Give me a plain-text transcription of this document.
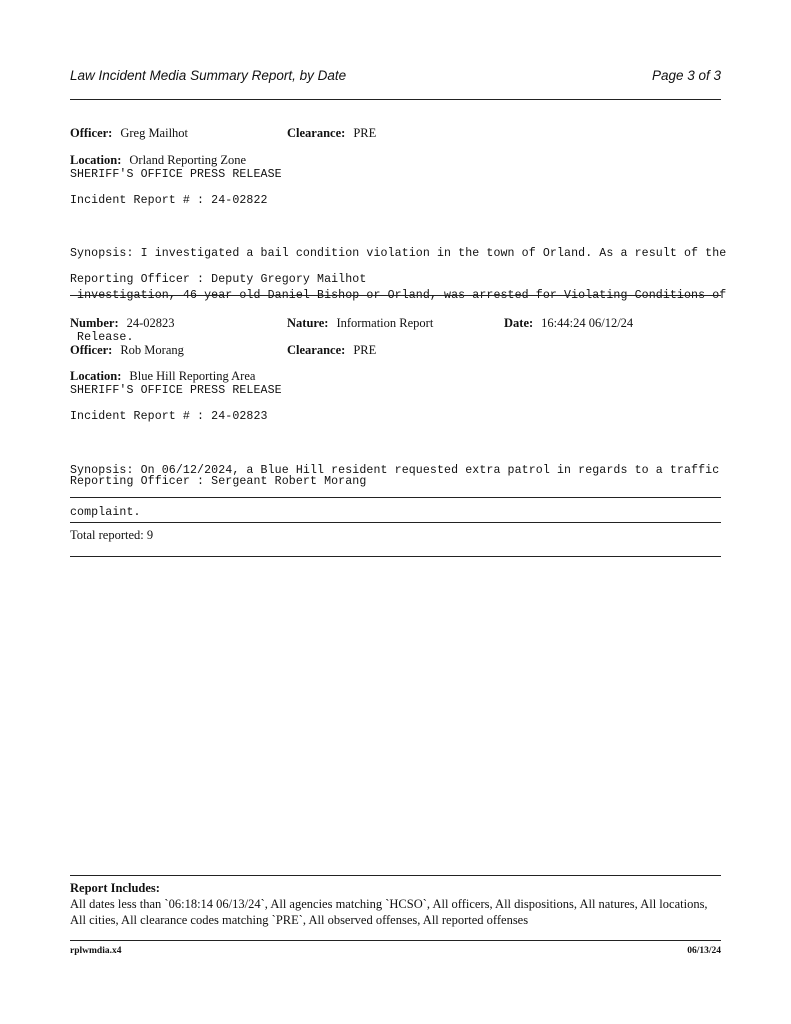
Law Incident Media Summary Report, by Date	Page 3 of 3
Officer: Greg Mailhot	Clearance: PRE
Location: Orland Reporting Zone
SHERIFF'S OFFICE PRESS RELEASE
Incident Report # : 24-02822

Synopsis: I investigated a bail condition violation in the town of Orland. As a result of the

investigation, 46 year old Daniel Bishop or Orland, was arrested for Violating Conditions of

Release.

Reporting Officer : Deputy Gregory Mailhot
Number: 24-02823	Nature: Information Report	Date: 16:44:24 06/12/24
Officer: Rob Morang	Clearance: PRE
Location: Blue Hill Reporting Area
SHERIFF'S OFFICE PRESS RELEASE
Incident Report # : 24-02823

Synopsis: On 06/12/2024, a Blue Hill resident requested extra patrol in regards to a traffic

complaint.

Reporting Officer : Sergeant Robert Morang
Total reported: 9
Report Includes:
All dates less than `06:18:14 06/13/24`, All agencies matching `HCSO`, All officers, All dispositions, All natures, All locations, All cities, All clearance codes matching `PRE`, All observed offenses, All reported offenses
rplwmdia.x4	06/13/24
